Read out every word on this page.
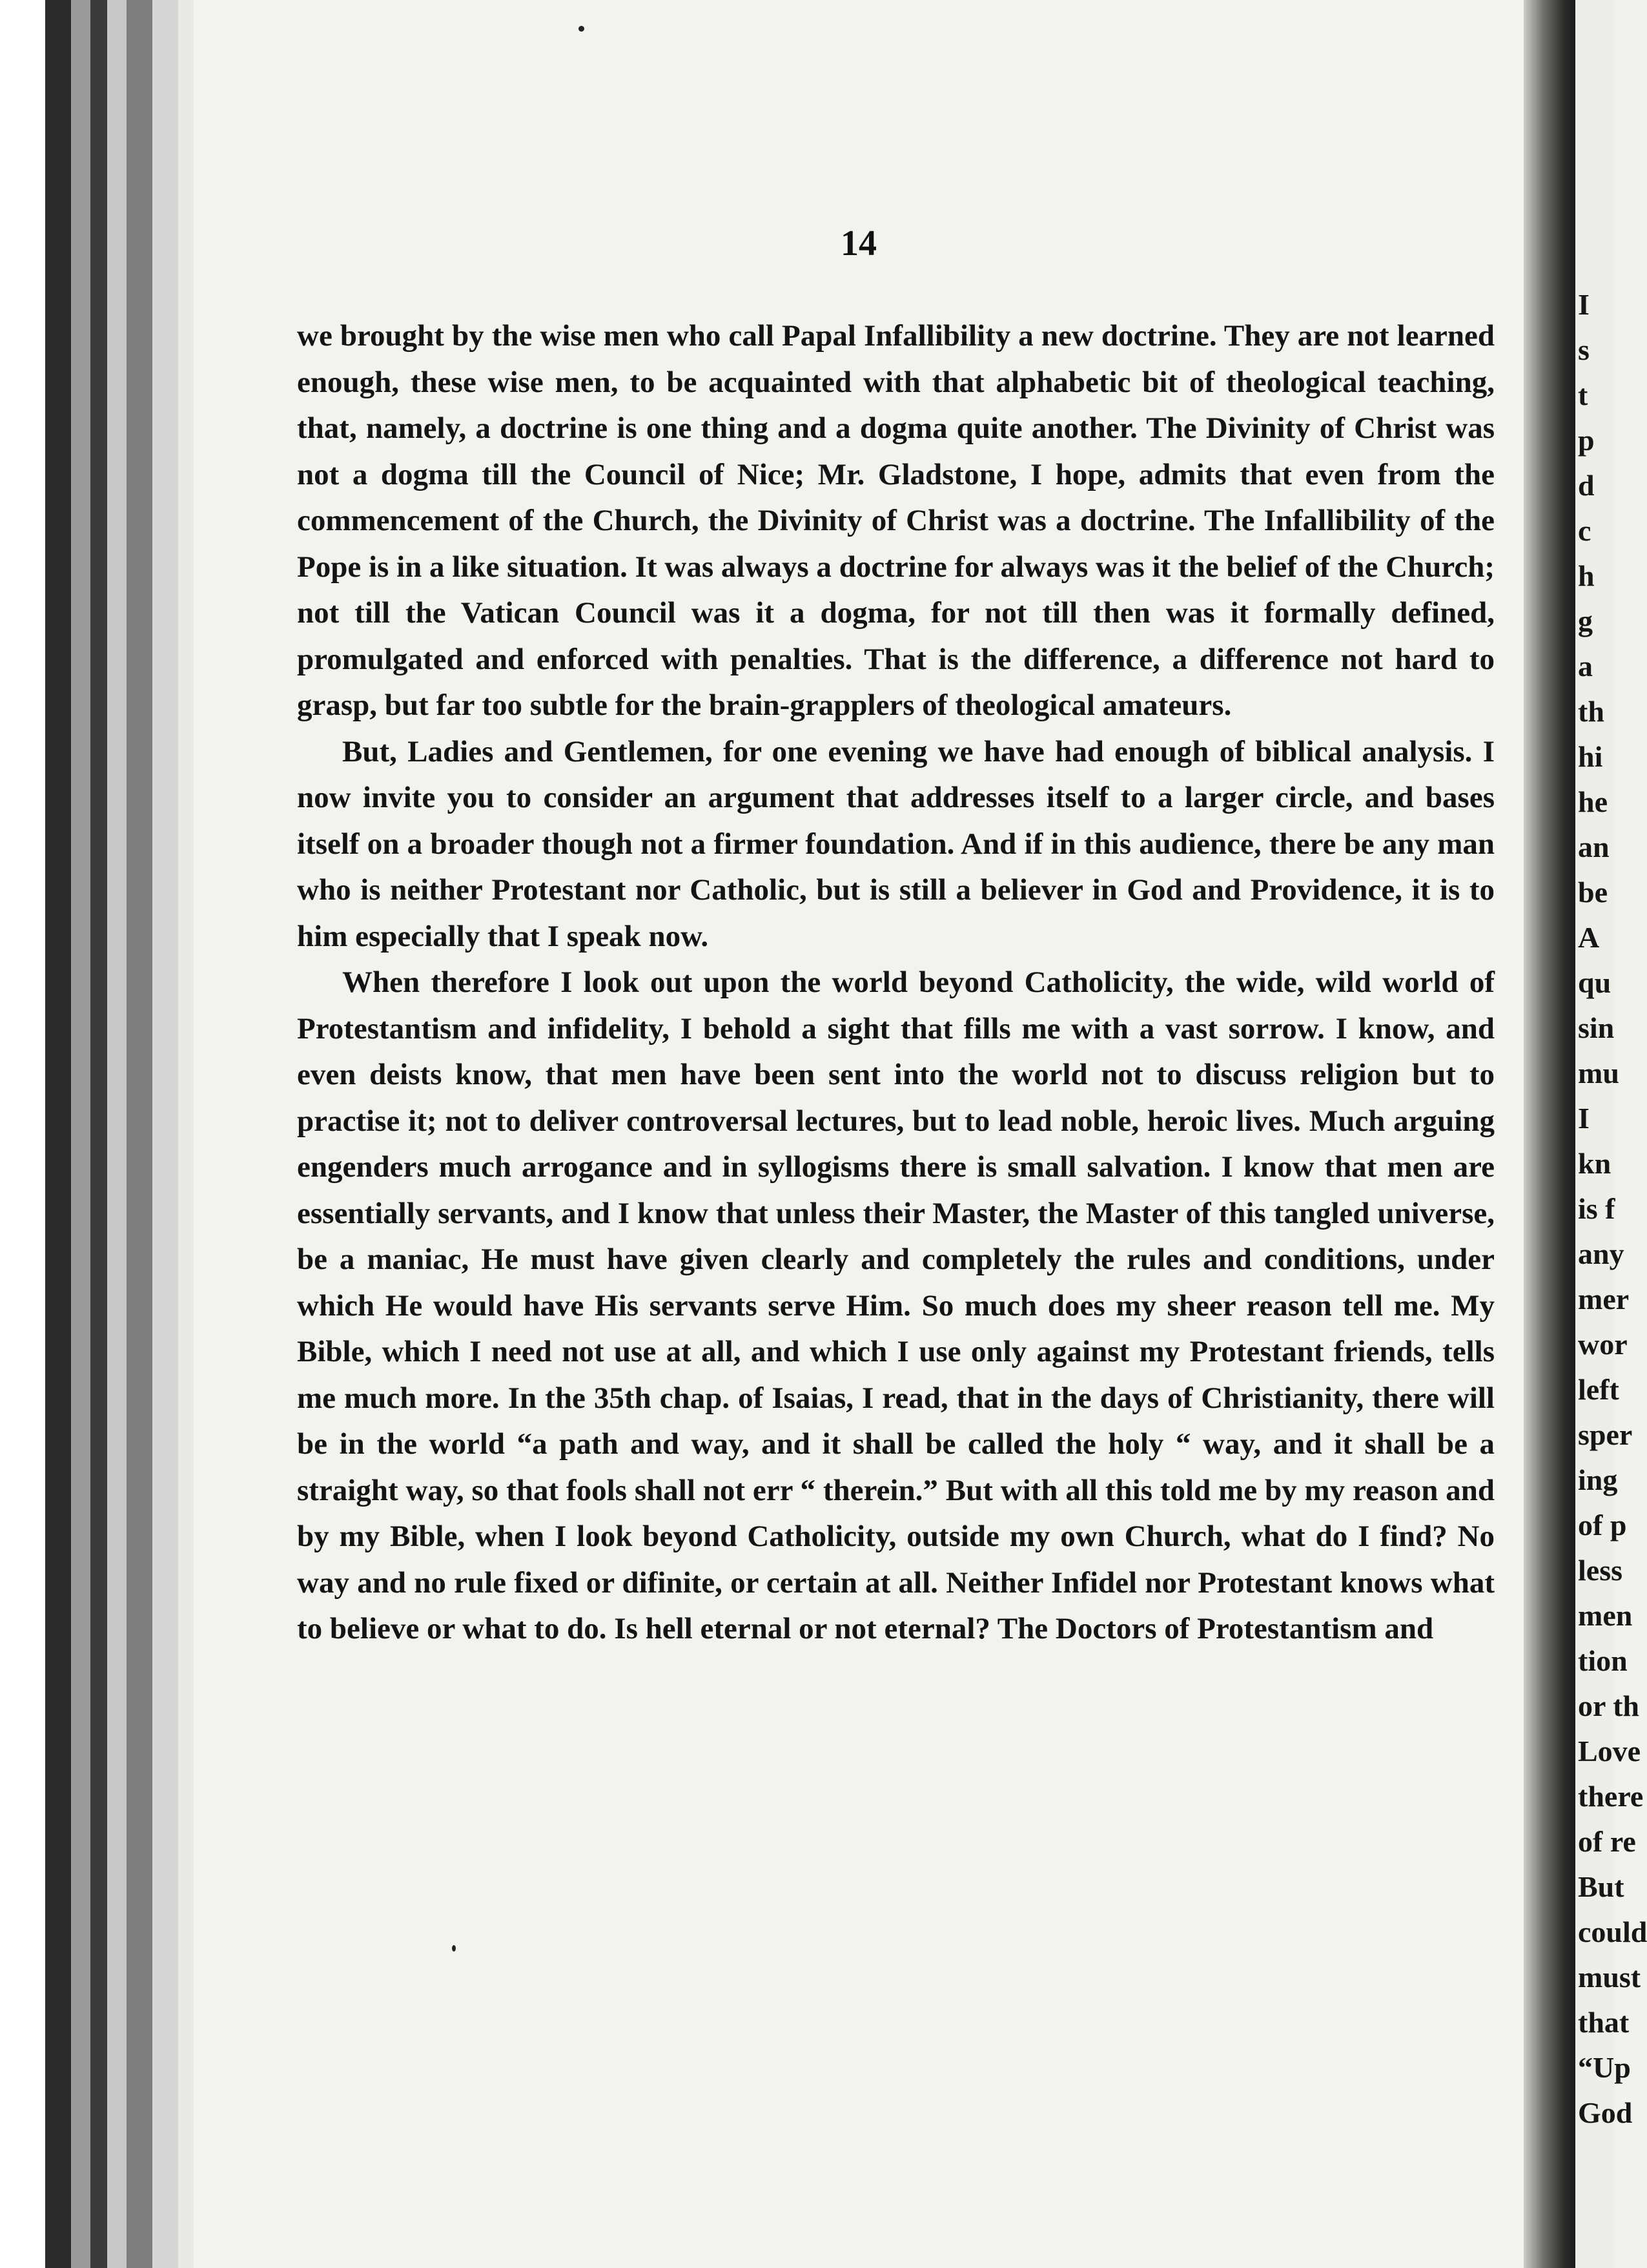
14

we brought by the wise men who call Papal Infallibility a new doctrine. They are not learned enough, these wise men, to be acquainted with that alphabetic bit of theological teaching, that, namely, a doctrine is one thing and a dogma quite another. The Divinity of Christ was not a dogma till the Council of Nice; Mr. Gladstone, I hope, admits that even from the commencement of the Church, the Divinity of Christ was a doctrine. The Infallibility of the Pope is in a like situation. It was always a doctrine for always was it the belief of the Church; not till the Vatican Council was it a dogma, for not till then was it formally defined, promulgated and enforced with penalties. That is the difference, a difference not hard to grasp, but far too subtle for the brain-grapplers of theological amateurs.

But, Ladies and Gentlemen, for one evening we have had enough of biblical analysis. I now invite you to consider an argument that addresses itself to a larger circle, and bases itself on a broader though not a firmer foundation. And if in this audience, there be any man who is neither Protestant nor Catholic, but is still a believer in God and Providence, it is to him especially that I speak now.

When therefore I look out upon the world beyond Catholicity, the wide, wild world of Protestantism and infidelity, I behold a sight that fills me with a vast sorrow. I know, and even deists know, that men have been sent into the world not to discuss religion but to practise it; not to deliver controversal lectures, but to lead noble, heroic lives. Much arguing engenders much arrogance and in syllogisms there is small salvation. I know that men are essentially servants, and I know that unless their Master, the Master of this tangled universe, be a maniac, He must have given clearly and completely the rules and conditions, under which He would have His servants serve Him. So much does my sheer reason tell me. My Bible, which I need not use at all, and which I use only against my Protestant friends, tells me much more. In the 35th chap. of Isaias, I read, that in the days of Christianity, there will be in the world “a path and way, and it shall be called the holy “ way, and it shall be a straight way, so that fools shall not err “ therein.” But with all this told me by my reason and by my Bible, when I look beyond Catholicity, outside my own Church, what do I find? No way and no rule fixed or difinite, or certain at all. Neither Infidel nor Protestant knows what to believe or what to do. Is hell eternal or not eternal? The Doctors of Protestantism and

I
s
t
p
d
c
h
g
a
th
hi
he
an
be
A
qu
sin
mu
I
kn
is f
any
mer
wor
left
sper
ing
of p
less
men
tion
or th
Love
there
of re
But
could
must
that
“Up
God
